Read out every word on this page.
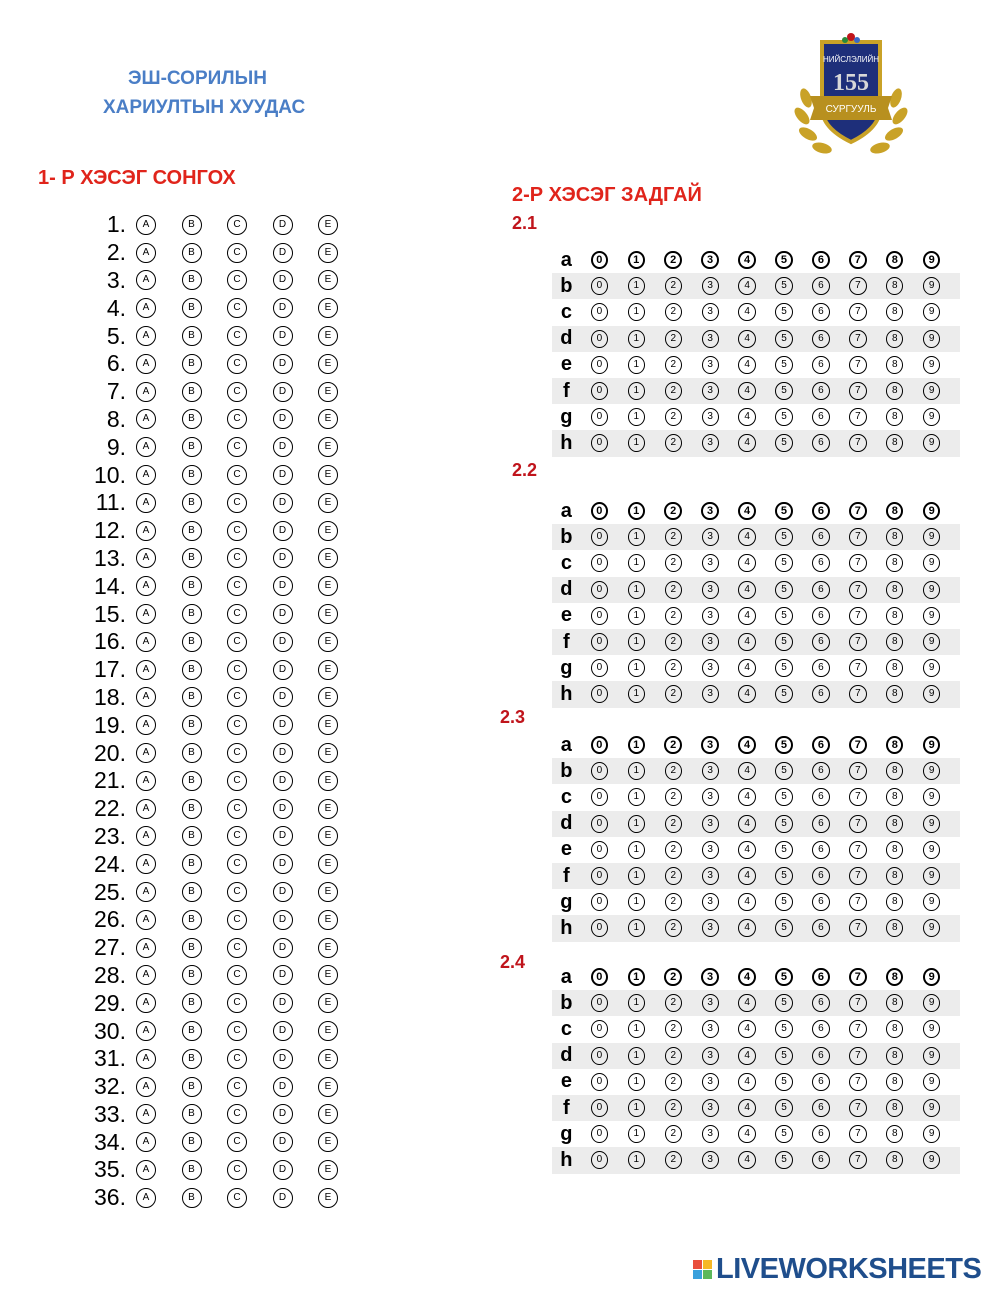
ЭШ-СОРИЛЫН
ХАРИУЛТЫН ХУУДАС
НИЙСЛЭЛИЙН
155
СУРГУУЛЬ
1- Р ХЭСЭГ СОНГОХ
2-Р ХЭСЭГ ЗАДГАЙ
1.	A	B	C	D	E
2.	A	B	C	D	E
3.	A	B	C	D	E
4.	A	B	C	D	E
5.	A	B	C	D	E
6.	A	B	C	D	E
7.	A	B	C	D	E
8.	A	B	C	D	E
9.	A	B	C	D	E
10.	A	B	C	D	E
11.	A	B	C	D	E
12.	A	B	C	D	E
13.	A	B	C	D	E
14.	A	B	C	D	E
15.	A	B	C	D	E
16.	A	B	C	D	E
17.	A	B	C	D	E
18.	A	B	C	D	E
19.	A	B	C	D	E
20.	A	B	C	D	E
21.	A	B	C	D	E
22.	A	B	C	D	E
23.	A	B	C	D	E
24.	A	B	C	D	E
25.	A	B	C	D	E
26.	A	B	C	D	E
27.	A	B	C	D	E
28.	A	B	C	D	E
29.	A	B	C	D	E
30.	A	B	C	D	E
31.	A	B	C	D	E
32.	A	B	C	D	E
33.	A	B	C	D	E
34.	A	B	C	D	E
35.	A	B	C	D	E
36.	A	B	C	D	E
2.1
a	0	1	2	3	4	5	6	7	8	9
b	0	1	2	3	4	5	6	7	8	9
c	0	1	2	3	4	5	6	7	8	9
d	0	1	2	3	4	5	6	7	8	9
e	0	1	2	3	4	5	6	7	8	9
f	0	1	2	3	4	5	6	7	8	9
g	0	1	2	3	4	5	6	7	8	9
h	0	1	2	3	4	5	6	7	8	9
2.2
a	0	1	2	3	4	5	6	7	8	9
b	0	1	2	3	4	5	6	7	8	9
c	0	1	2	3	4	5	6	7	8	9
d	0	1	2	3	4	5	6	7	8	9
e	0	1	2	3	4	5	6	7	8	9
f	0	1	2	3	4	5	6	7	8	9
g	0	1	2	3	4	5	6	7	8	9
h	0	1	2	3	4	5	6	7	8	9
2.3
a	0	1	2	3	4	5	6	7	8	9
b	0	1	2	3	4	5	6	7	8	9
c	0	1	2	3	4	5	6	7	8	9
d	0	1	2	3	4	5	6	7	8	9
e	0	1	2	3	4	5	6	7	8	9
f	0	1	2	3	4	5	6	7	8	9
g	0	1	2	3	4	5	6	7	8	9
h	0	1	2	3	4	5	6	7	8	9
2.4
a	0	1	2	3	4	5	6	7	8	9
b	0	1	2	3	4	5	6	7	8	9
c	0	1	2	3	4	5	6	7	8	9
d	0	1	2	3	4	5	6	7	8	9
e	0	1	2	3	4	5	6	7	8	9
f	0	1	2	3	4	5	6	7	8	9
g	0	1	2	3	4	5	6	7	8	9
h	0	1	2	3	4	5	6	7	8	9
LIVEWORKSHEETS
